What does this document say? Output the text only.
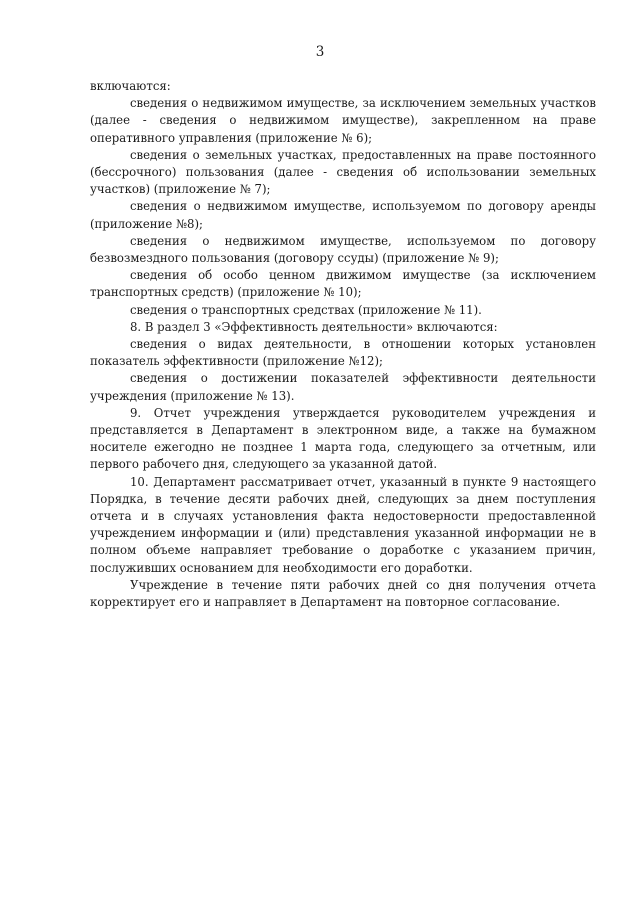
3

включаются:

сведения о недвижимом имуществе, за исключением земельных участков (далее - сведения о недвижимом имуществе), закрепленном на праве оперативного управления (приложение № 6);

сведения о земельных участках, предоставленных на праве постоянного (бессрочного) пользования (далее - сведения об использовании земельных участков) (приложение № 7);

сведения о недвижимом имуществе, используемом по договору аренды (приложение №8);

сведения о недвижимом имуществе, используемом по договору безвозмездного пользования (договору ссуды) (приложение № 9);

сведения об особо ценном движимом имуществе (за исключением транспортных средств) (приложение № 10);

сведения о транспортных средствах (приложение № 11).

8. В раздел 3 «Эффективность деятельности» включаются:

сведения о видах деятельности, в отношении которых установлен показатель эффективности (приложение №12);

сведения о достижении показателей эффективности деятельности учреждения (приложение № 13).

9. Отчет учреждения утверждается руководителем учреждения и представляется в Департамент в электронном виде, а также на бумажном носителе ежегодно не позднее 1 марта года, следующего за отчетным, или первого рабочего дня, следующего за указанной датой.

10. Департамент рассматривает отчет, указанный в пункте 9 настоящего Порядка, в течение десяти рабочих дней, следующих за днем поступления отчета и в случаях установления факта недостоверности предоставленной учреждением информации и (или) представления указанной информации не в полном объеме направляет требование о доработке с указанием причин, послуживших основанием для необходимости его доработки.

Учреждение в течение пяти рабочих дней со дня получения отчета корректирует его и направляет в Департамент на повторное согласование.
